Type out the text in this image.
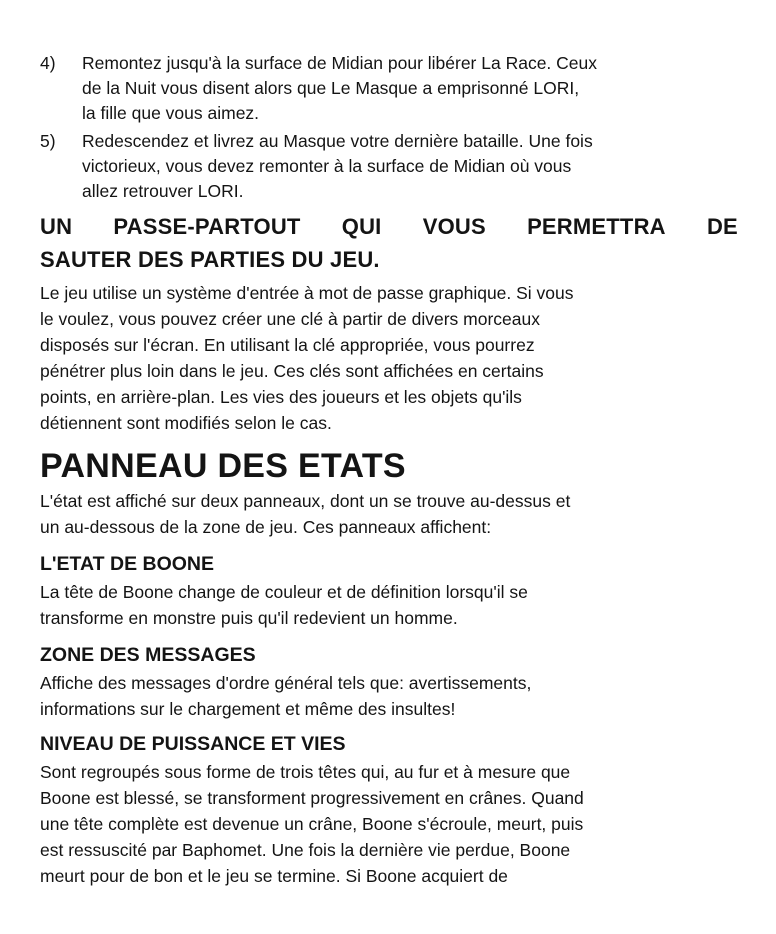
4)	Remontez jusqu'à la surface de Midian pour libérer La Race. Ceux
de la Nuit vous disent alors que Le Masque a emprisonné LORI,
la fille que vous aimez.
5)	Redescendez et livrez au Masque votre dernière bataille. Une fois
victorieux, vous devez remonter à la surface de Midian où vous
allez retrouver LORI.
UN PASSE-PARTOUT QUI VOUS PERMETTRA DE
SAUTER DES PARTIES DU JEU.
Le jeu utilise un système d'entrée à mot de passe graphique. Si vous
le voulez, vous pouvez créer une clé à partir de divers morceaux
disposés sur l'écran. En utilisant la clé appropriée, vous pourrez
pénétrer plus loin dans le jeu. Ces clés sont affichées en certains
points, en arrière-plan. Les vies des joueurs et les objets qu'ils
détiennent sont modifiés selon le cas.
PANNEAU DES ETATS
L'état est affiché sur deux panneaux, dont un se trouve au-dessus et
un au-dessous de la zone de jeu. Ces panneaux affichent:
L'ETAT DE BOONE
La tête de Boone change de couleur et de définition lorsqu'il se
transforme en monstre puis qu'il redevient un homme.
ZONE DES MESSAGES
Affiche des messages d'ordre général tels que: avertissements,
informations sur le chargement et même des insultes!
NIVEAU DE PUISSANCE ET VIES
Sont regroupés sous forme de trois têtes qui, au fur et à mesure que
Boone est blessé, se transforment progressivement en crânes. Quand
une tête complète est devenue un crâne, Boone s'écroule, meurt, puis
est ressuscité par Baphomet. Une fois la dernière vie perdue, Boone
meurt pour de bon et le jeu se termine. Si Boone acquiert de
